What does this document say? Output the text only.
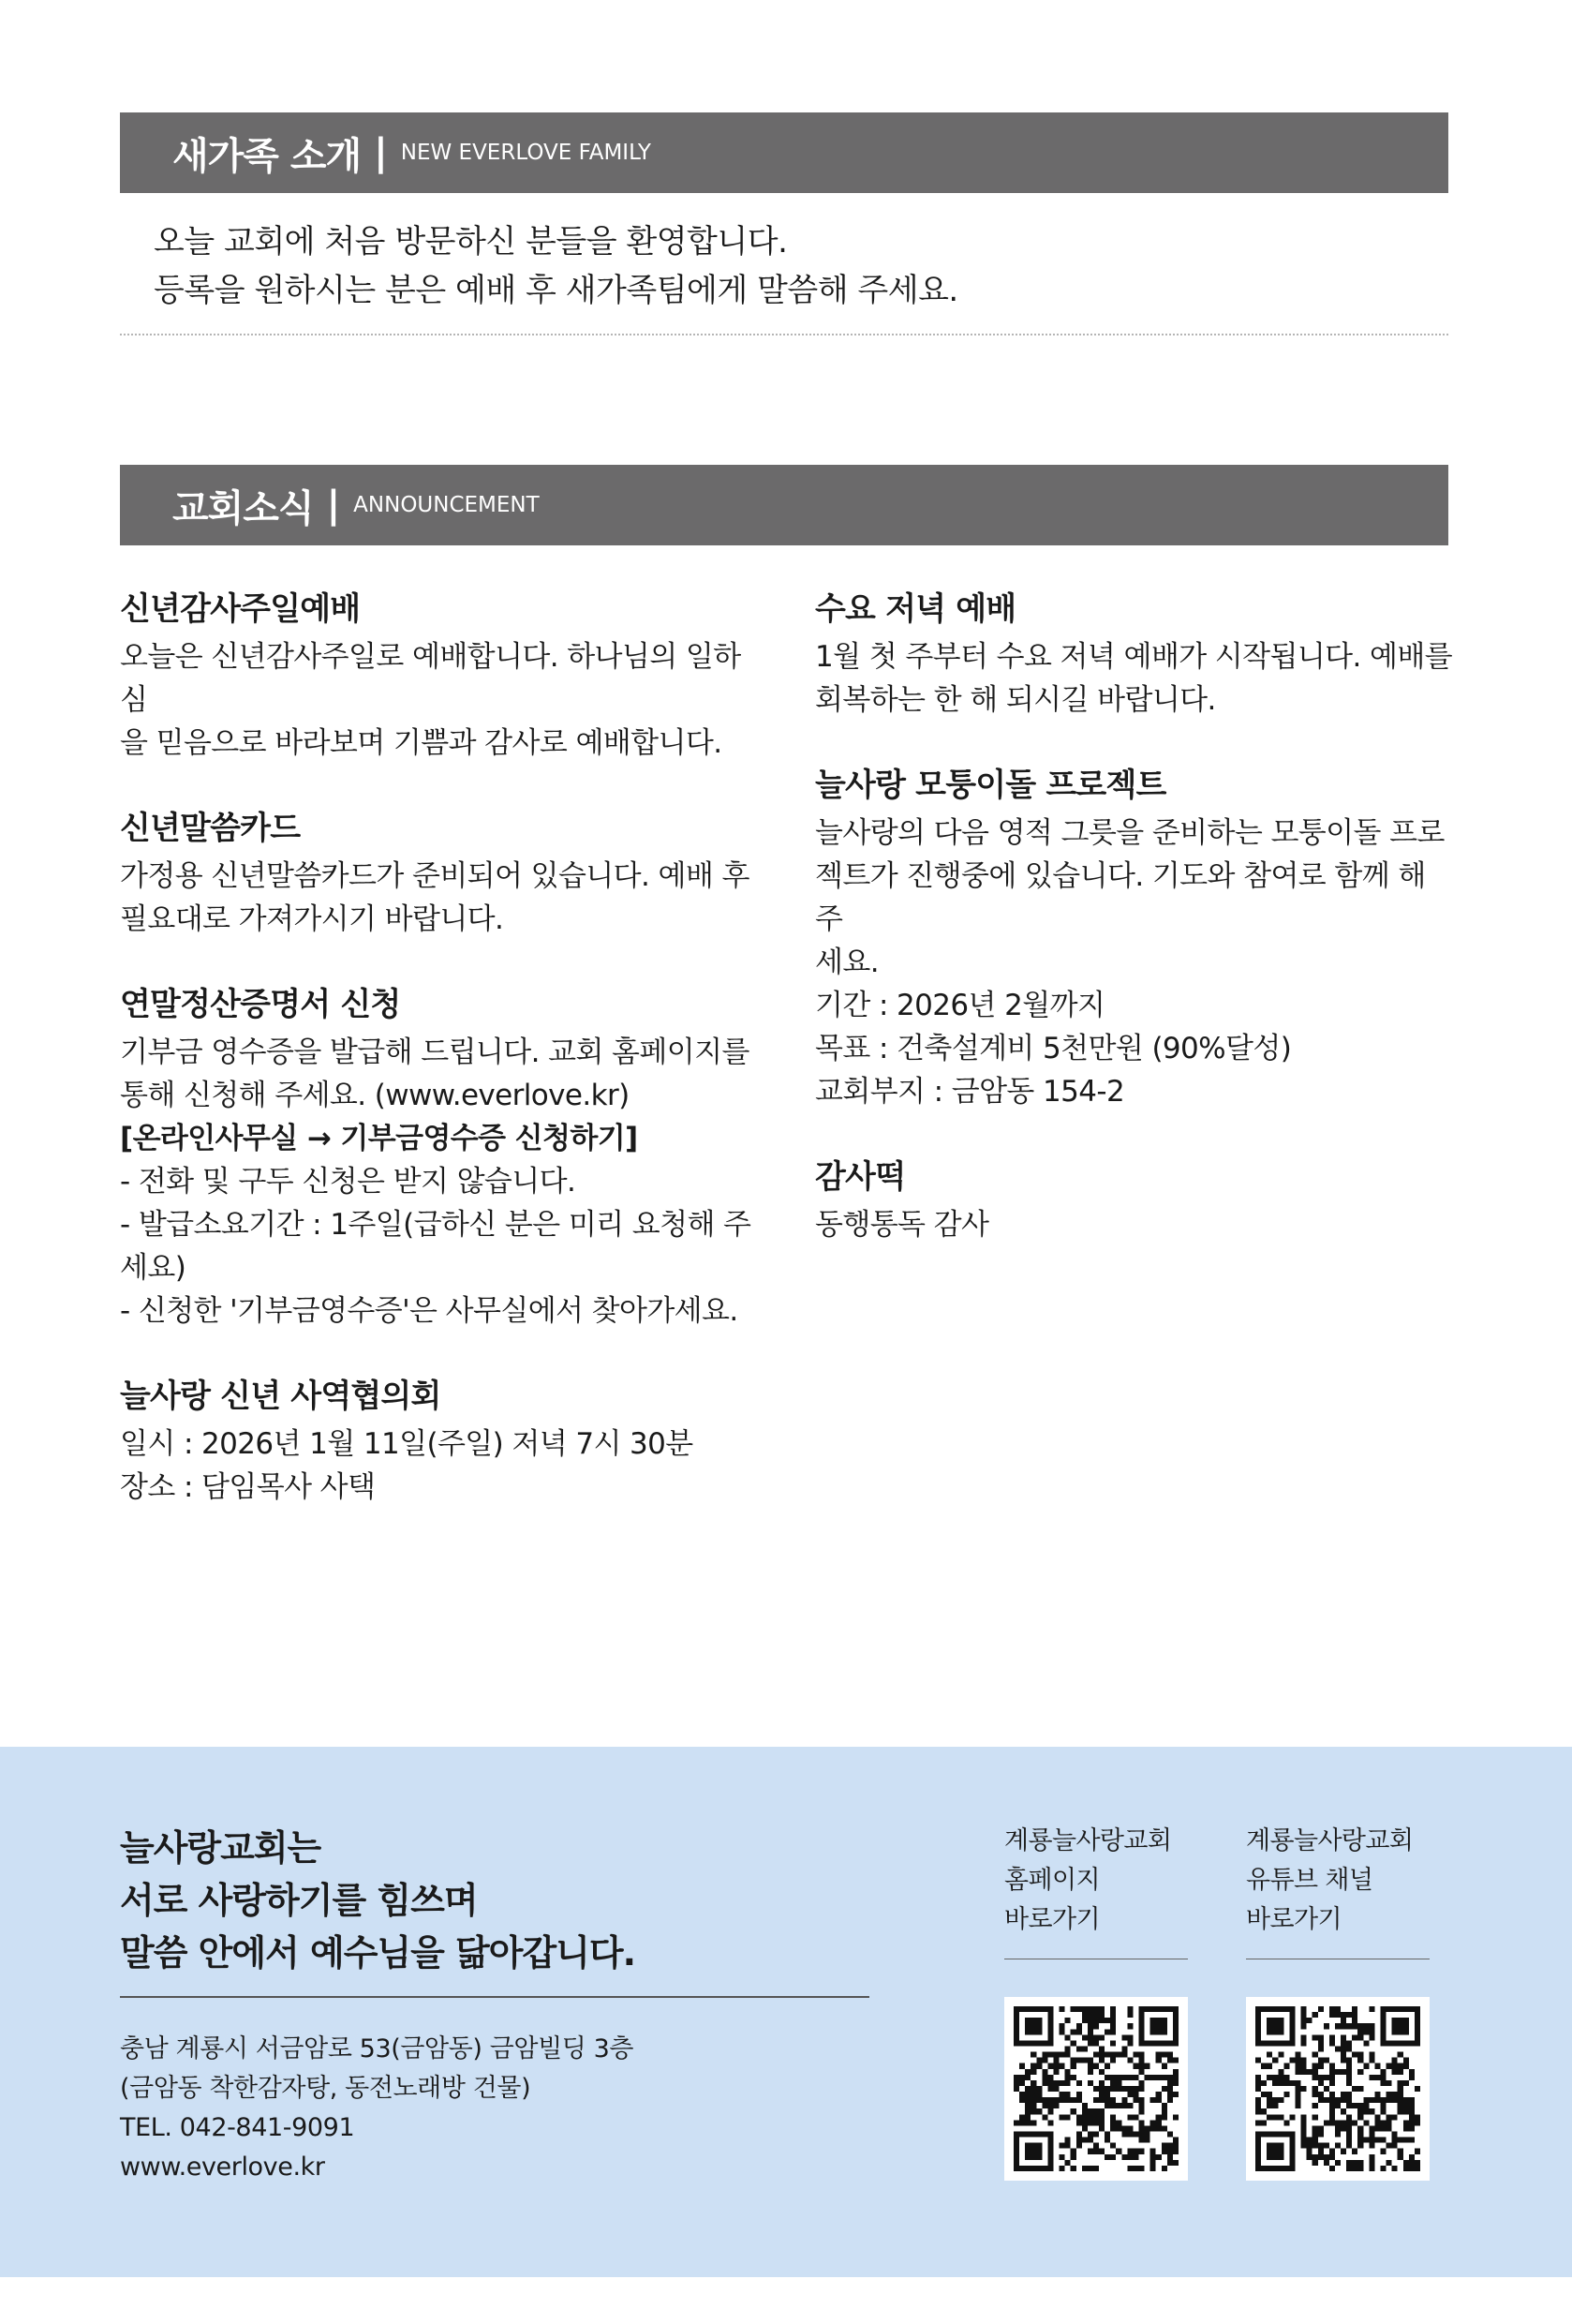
새가족 소개 | NEW EVERLOVE FAMILY
오늘 교회에 처음 방문하신 분들을 환영합니다.
등록을 원하시는 분은 예배 후 새가족팀에게 말씀해 주세요.
교회소식 | ANNOUNCEMENT
신년감사주일예배

오늘은 신년감사주일로 예배합니다. 하나님의 일하심

을 믿음으로 바라보며 기쁨과 감사로 예배합니다.

신년말씀카드

가정용 신년말씀카드가 준비되어 있습니다. 예배 후

필요대로 가져가시기 바랍니다.

연말정산증명서 신청

기부금 영수증을 발급해 드립니다. 교회 홈페이지를

통해 신청해 주세요. (www.everlove.kr)

[온라인사무실 → 기부금영수증 신청하기]

- 전화 및 구두 신청은 받지 않습니다.

- 발급소요기간 : 1주일(급하신 분은 미리 요청해 주

세요)

- 신청한 '기부금영수증'은 사무실에서 찾아가세요.

늘사랑 신년 사역협의회

일시 : 2026년 1월 11일(주일) 저녁 7시 30분

장소 : 담임목사 사택

수요 저녁 예배

1월 첫 주부터 수요 저녁 예배가 시작됩니다. 예배를

회복하는 한 해 되시길 바랍니다.

늘사랑 모퉁이돌 프로젝트

늘사랑의 다음 영적 그릇을 준비하는 모퉁이돌 프로

젝트가 진행중에 있습니다. 기도와 참여로 함께 해 주

세요.

기간 : 2026년 2월까지

목표 : 건축설계비 5천만원 (90%달성)

교회부지 : 금암동 154-2

감사떡

동행통독 감사

늘사랑교회는
서로 사랑하기를 힘쓰며
말씀 안에서 예수님을 닮아갑니다.
충남 계룡시 서금암로 53(금암동) 금암빌딩 3층
(금암동 착한감자탕, 동전노래방 건물)
TEL. 042-841-9091
www.everlove.kr
계룡늘사랑교회
홈페이지
바로가기
계룡늘사랑교회
유튜브 채널
바로가기
